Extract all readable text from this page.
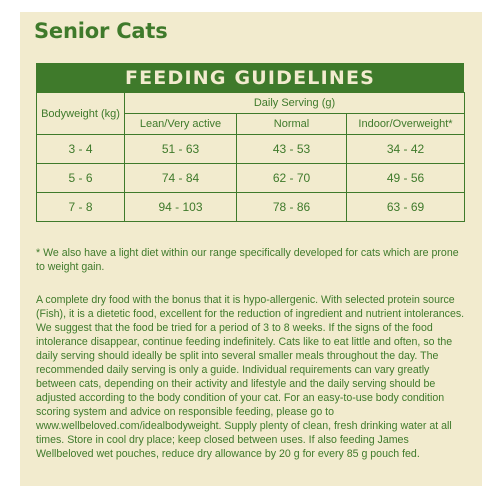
Senior Cats
FEEDING GUIDELINES
Bodyweight (kg)	Daily Serving (g)		
	Lean/Very active	Normal	Indoor/Overweight*
3 - 4	51 - 63	43 - 53	34 - 42
5 - 6	74 - 84	62 - 70	49 - 56
7 - 8	94 - 103	78 - 86	63 - 69
* We also have a light diet within our range specifically developed for cats which are prone to weight gain.
A complete dry food with the bonus that it is hypo-allergenic. With selected protein source (Fish), it is a dietetic food, excellent for the reduction of ingredient and nutrient intolerances. We suggest that the food be tried for a period of 3 to 8 weeks. If the signs of the food intolerance disappear, continue feeding indefinitely. Cats like to eat little and often, so the daily serving should ideally be split into several smaller meals throughout the day. The recommended daily serving is only a guide. Individual requirements can vary greatly between cats, depending on their activity and lifestyle and the daily serving should be adjusted according to the body condition of your cat. For an easy-to-use body condition scoring system and advice on responsible feeding, please go to www.wellbeloved.com/idealbodyweight. Supply plenty of clean, fresh drinking water at all times. Store in cool dry place; keep closed between uses. If also feeding James Wellbeloved wet pouches, reduce dry allowance by 20 g for every 85 g pouch fed.
